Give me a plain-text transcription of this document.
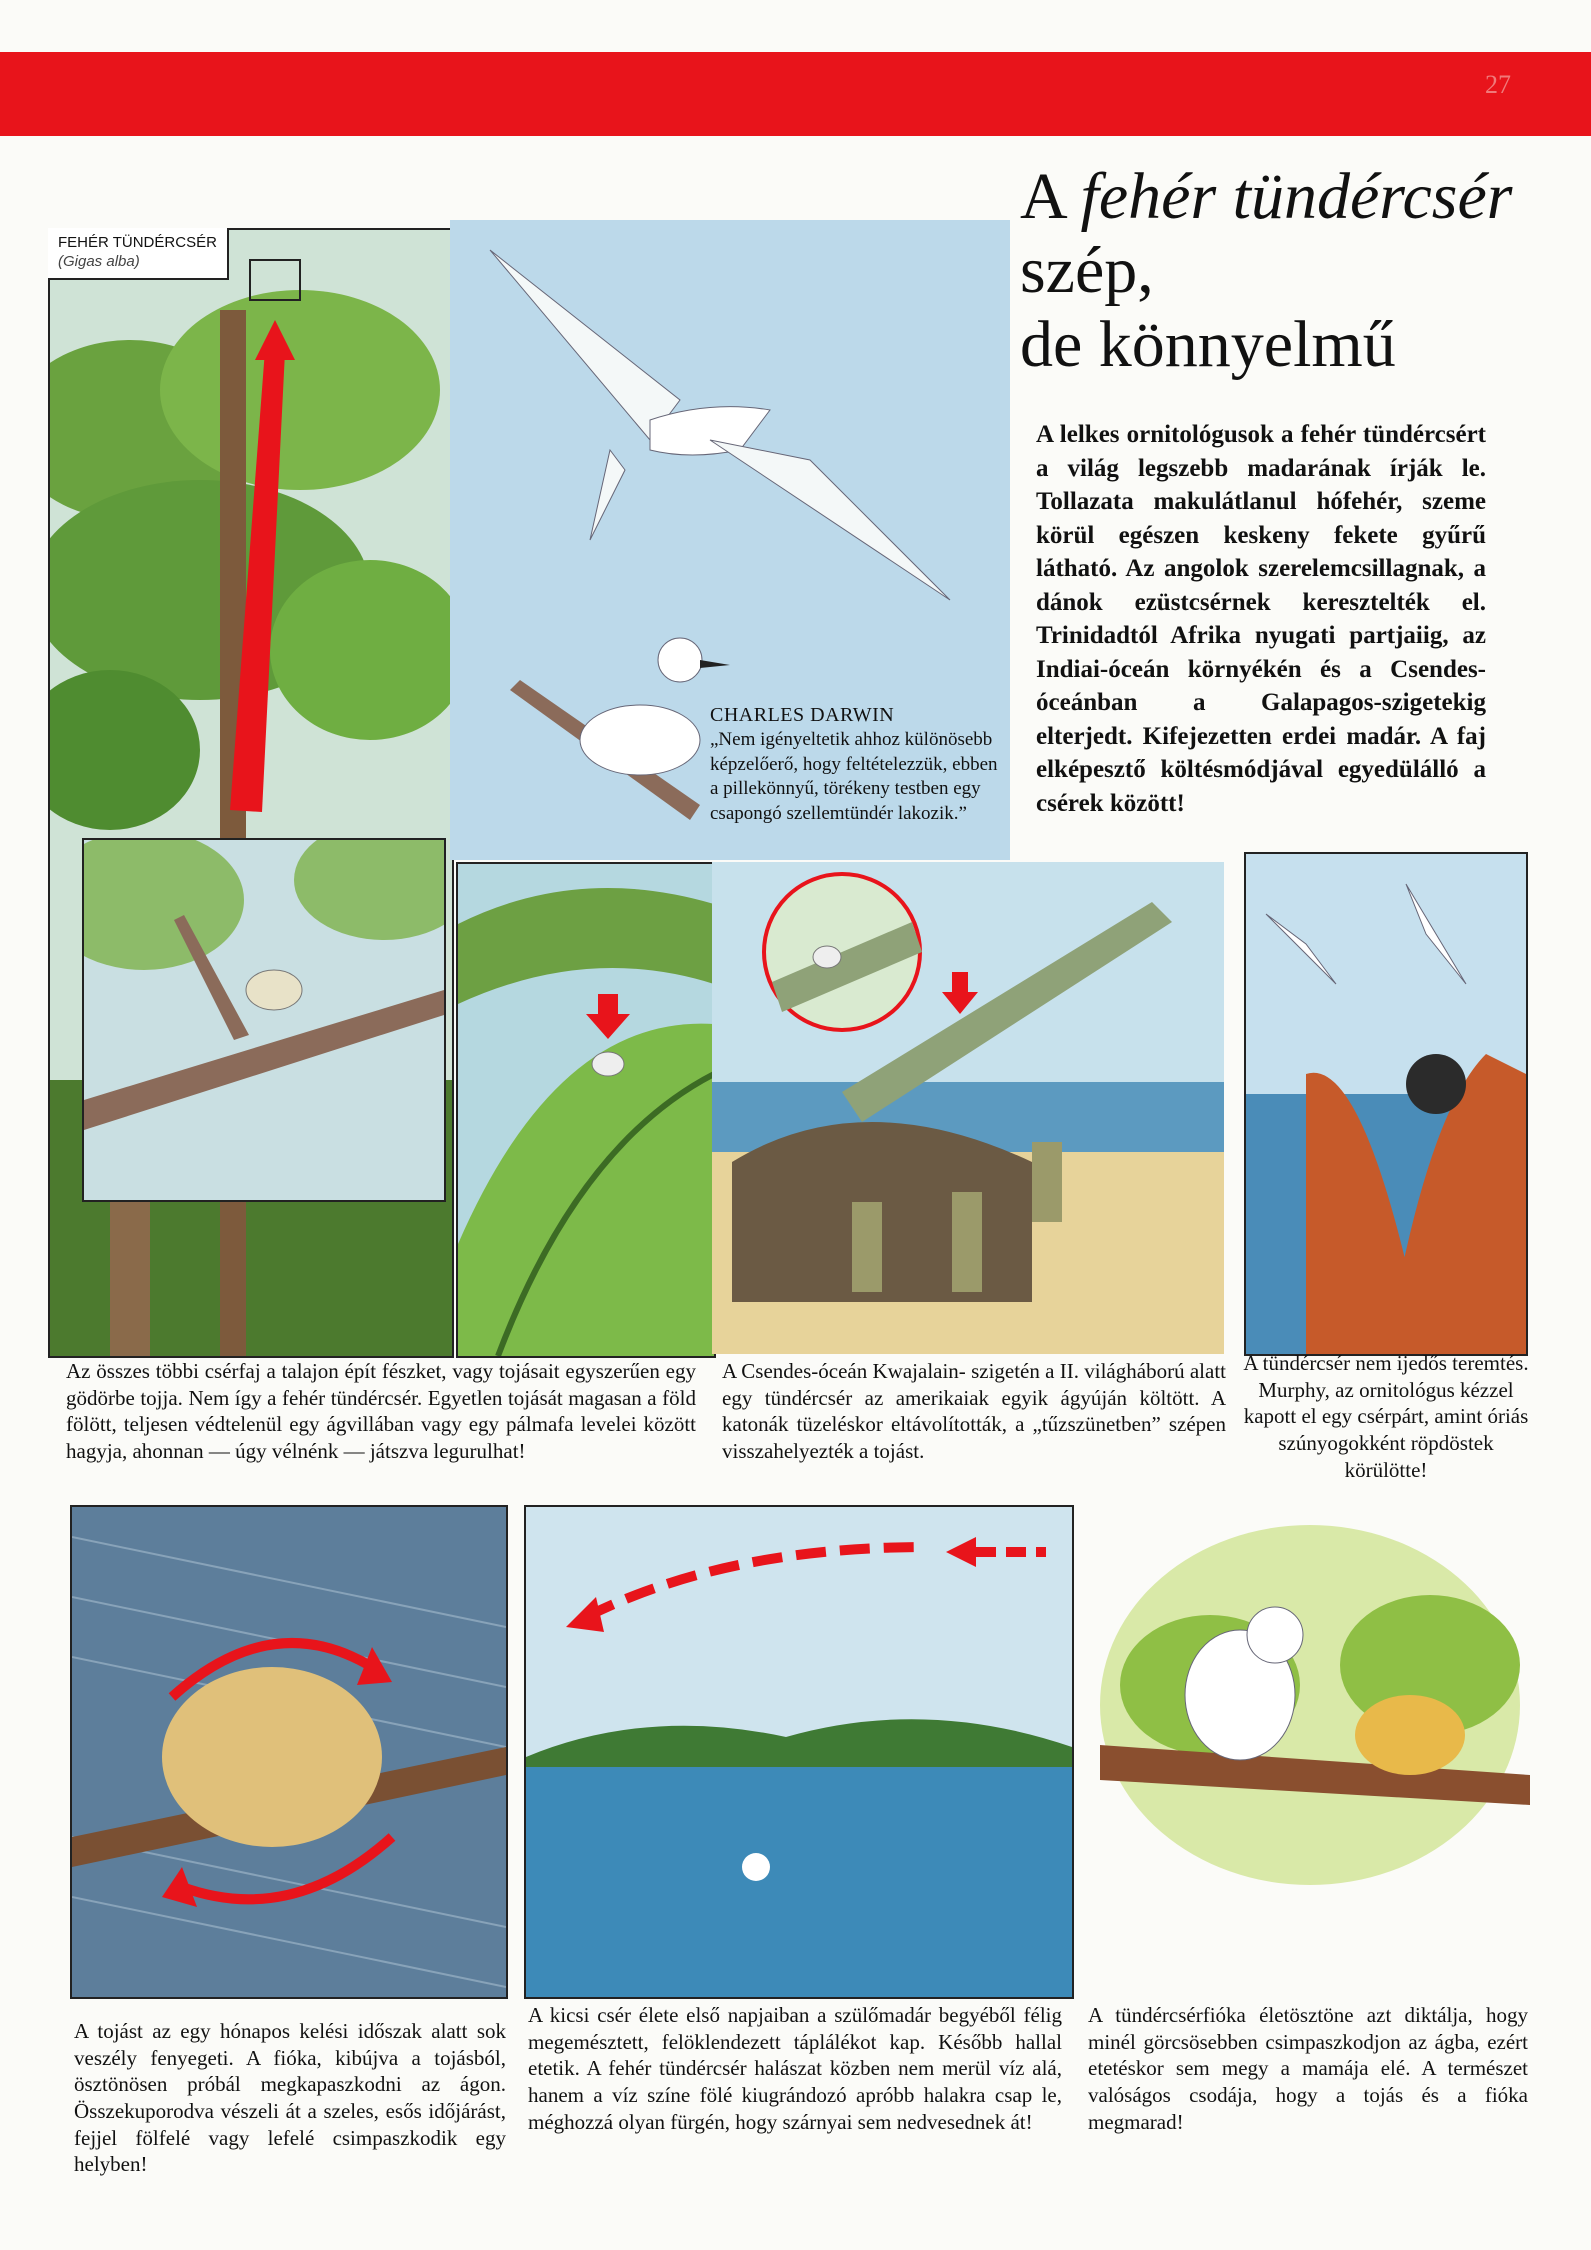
27
A fehér tündércsér szép,
de könnyelmű
A lelkes ornitológusok a fehér tündércsért a világ legszebb madarának írják le. Tollazata makulátlanul hófehér, szeme körül egészen keskeny fekete gyűrű látható. Az angolok szerelemcsillagnak, a dánok ezüstcsérnek keresztelték el. Trinidadtól Afrika nyugati partjaiig, az Indiai-óceán környékén és a Csendes-óceánban a Galapagos-szigetekig elterjedt. Kifejezetten erdei madár. A faj elképesztő költésmódjával egyedülálló a csérek között!
FEHÉR TÜNDÉRCSÉR
(Gigas alba)
CHARLES DARWIN
„Nem igényeltetik ahhoz különösebb képzelőerő, hogy feltételezzük, ebben a pillekönnyű, törékeny testben egy csapongó szellemtündér lakozik.”
Az összes többi csérfaj a talajon épít fészket, vagy tojásait egyszerűen egy gödörbe tojja. Nem így a fehér tündércsér. Egyetlen tojását magasan a föld fölött, teljesen védtelenül egy ágvillában vagy egy pálmafa levelei között hagyja, ahonnan — úgy vélnénk — játszva legurulhat!
A Csendes-óceán Kwajalain- szigetén a II. világháború alatt egy tündércsér az amerikaiak egyik ágyúján költött. A katonák tüzeléskor eltávolították, a „tűzszünetben” szépen visszahelyezték a tojást.
A tündércsér nem ijedős teremtés. Murphy, az ornitológus kézzel kapott el egy csérpárt, amint óriás szúnyogokként röpdöstek körülötte!
A tojást az egy hónapos kelési időszak alatt sok veszély fenyegeti. A fióka, kibújva a tojásból, ösztönösen próbál megkapaszkodni az ágon. Összekuporodva vészeli át a szeles, esős időjárást, fejjel fölfelé vagy lefelé csimpaszkodik egy helyben!
A kicsi csér élete első napjaiban a szülőmadár begyéből félig megemésztett, felöklendezett táplálékot kap. Később hallal etetik. A fehér tündércsér halászat közben nem merül víz alá, hanem a víz színe fölé kiugrándozó apróbb halakra csap le, méghozzá olyan fürgén, hogy szárnyai sem nedvesednek át!
A tündércsérfióka életösztöne azt diktálja, hogy minél görcsösebben csimpaszkodjon az ágba, ezért etetéskor sem megy a mamája elé. A természet valóságos csodája, hogy a tojás és a fióka megmarad!
